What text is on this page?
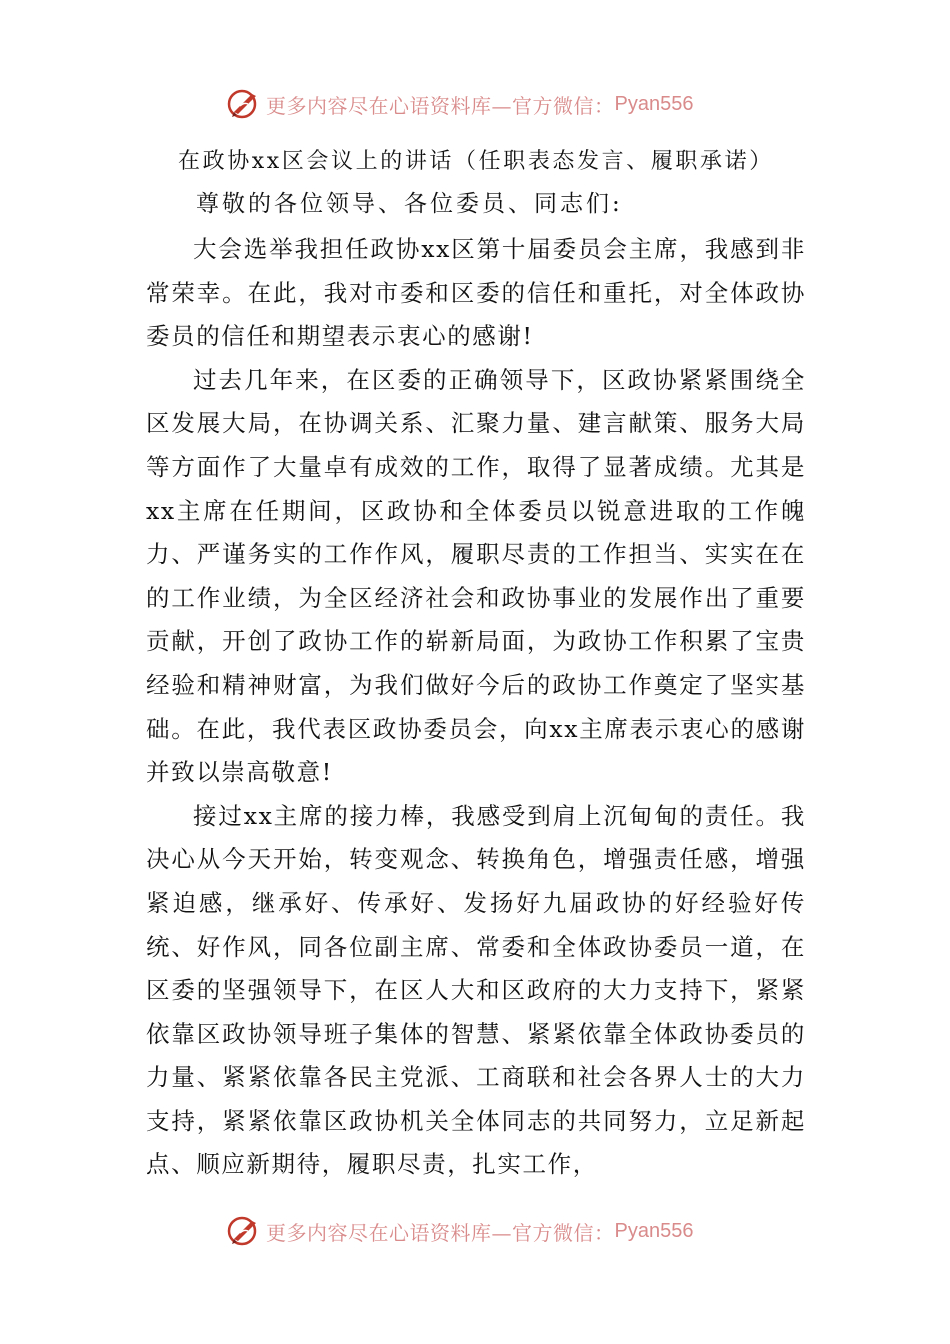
更多内容尽在心语资料库—官方微信： Pyan556
在政协xx区会议上的讲话（任职表态发言、履职承诺）
尊敬的各位领导、各位委员、同志们:

大会选举我担任政协xx区第十届委员会主席，我感到非常荣幸。在此，我对市委和区委的信任和重托，对全体政协委员的信任和期望表示衷心的感谢!

过去几年来，在区委的正确领导下，区政协紧紧围绕全区发展大局，在协调关系、汇聚力量、建言献策、服务大局等方面作了大量卓有成效的工作，取得了显著成绩。尤其是xx主席在任期间，区政协和全体委员以锐意进取的工作魄力、严谨务实的工作作风，履职尽责的工作担当、实实在在的工作业绩，为全区经济社会和政协事业的发展作出了重要贡献，开创了政协工作的崭新局面，为政协工作积累了宝贵经验和精神财富，为我们做好今后的政协工作奠定了坚实基础。在此，我代表区政协委员会，向xx主席表示衷心的感谢并致以崇高敬意!

接过xx主席的接力棒，我感受到肩上沉甸甸的责任。我决心从今天开始，转变观念、转换角色，增强责任感，增强紧迫感，继承好、传承好、发扬好九届政协的好经验好传统、好作风，同各位副主席、常委和全体政协委员一道，在区委的坚强领导下，在区人大和区政府的大力支持下，紧紧依靠区政协领导班子集体的智慧、紧紧依靠全体政协委员的力量、紧紧依靠各民主党派、工商联和社会各界人士的大力支持，紧紧依靠区政协机关全体同志的共同努力，立足新起点、顺应新期待，履职尽责，扎实工作，

更多内容尽在心语资料库—官方微信： Pyan556
